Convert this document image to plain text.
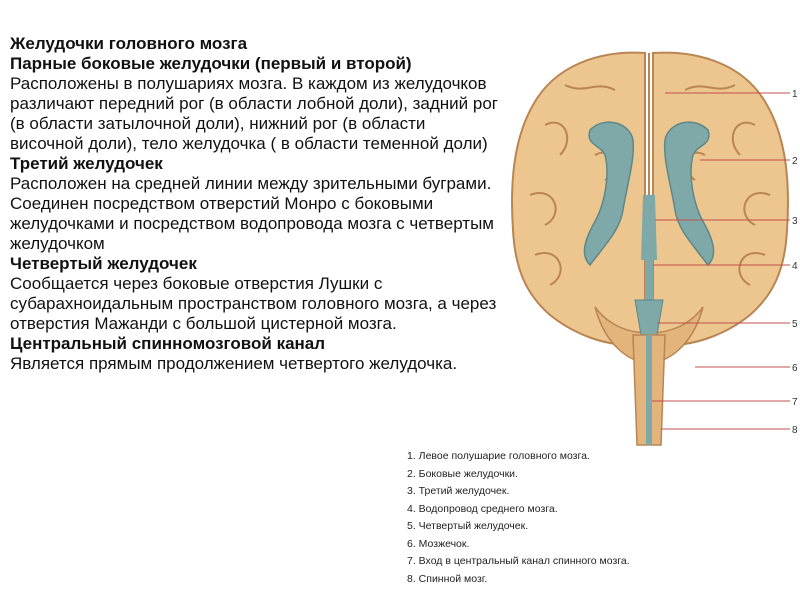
Желудочки головного мозга

Парные боковые желудочки (первый и второй)

Расположены в полушариях мозга. В каждом из желудочков различают передний рог (в области лобной доли), задний рог (в области затылочной доли), нижний рог (в области височной доли), тело желудочка ( в области теменной доли)

Третий желудочек

Расположен на средней линии между зрительными буграми. Соединен посредством отверстий Монро с боковыми желудочками и посредством водопровода мозга с четвертым желудочком

Четвертый желудочек

Сообщается через боковые отверстия Лушки с субарахноидальным пространством головного мозга, а через отверстия Мажанди с большой цистерной мозга.

Центральный спинномозговой канал

Является прямым продолжением четвертого желудочка.

1
2
3
4
5
6
7
8
1. Левое полушарие головного мозга.
2. Боковые желудочки.
3. Третий желудочек.
4. Водопровод среднего мозга.
5. Четвертый желудочек.
6. Мозжечок.
7. Вход в центральный канал спинного мозга.
8. Спинной мозг.
